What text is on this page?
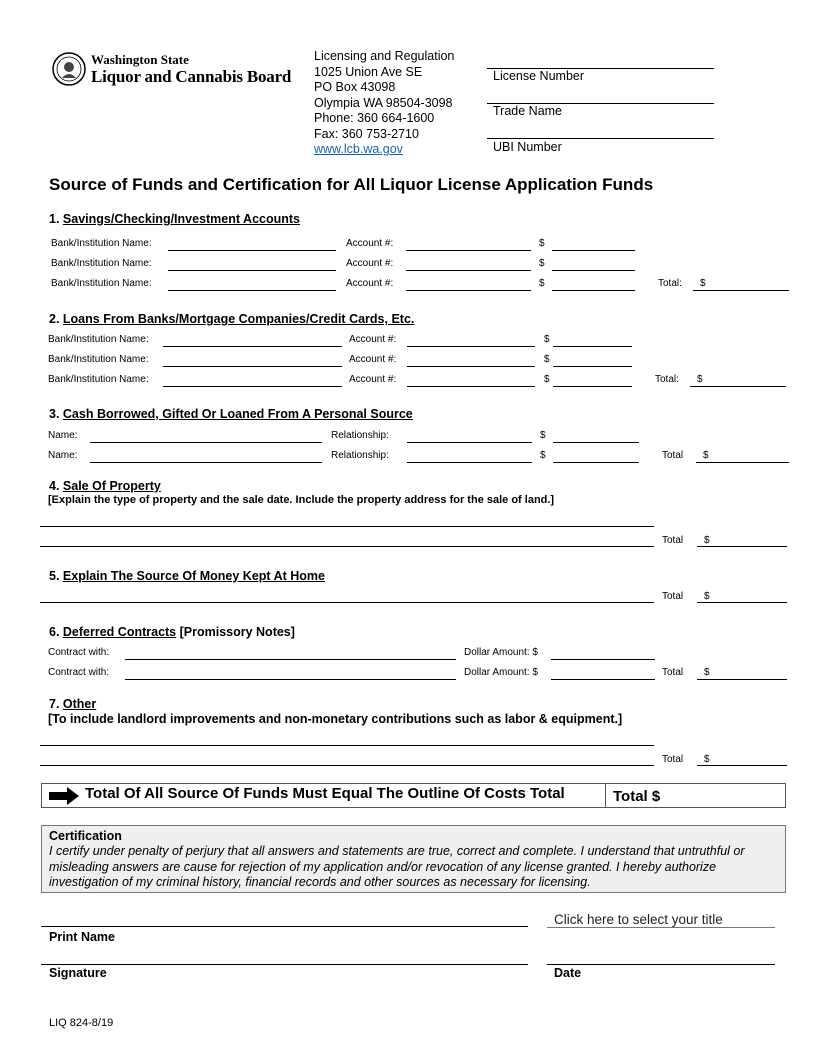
Washington State
Liquor and Cannabis Board
Licensing and Regulation
1025 Union Ave SE
PO Box 43098
Olympia WA 98504-3098
Phone: 360 664-1600
Fax: 360 753-2710
www.lcb.wa.gov
License Number
Trade Name
UBI Number
Source of Funds and Certification for All Liquor License Application Funds
1. Savings/Checking/Investment Accounts
Bank/Institution Name:	Account #:	$
Bank/Institution Name:	Account #:	$
Bank/Institution Name:	Account #:	$	Total: $
2. Loans From Banks/Mortgage Companies/Credit Cards, Etc.
Bank/Institution Name:	Account #:	$
Bank/Institution Name:	Account #:	$
Bank/Institution Name:	Account #:	$	Total: $
3. Cash Borrowed, Gifted Or Loaned From A Personal Source
Name:	Relationship:	$
Name:	Relationship:	$	Total $
4. Sale Of Property
[Explain the type of property and the sale date. Include the property address for the sale of land.]
Total $
5. Explain The Source Of Money Kept At Home
Total $
6. Deferred Contracts [Promissory Notes]
Contract with:	Dollar Amount: $
Contract with:	Dollar Amount: $	Total $
7. Other
[To include landlord improvements and non-monetary contributions such as labor & equipment.]
Total $
Total Of All Source Of Funds Must Equal The Outline Of Costs Total	Total $
Certification

I certify under penalty of perjury that all answers and statements are true, correct and complete. I understand that untruthful or misleading answers are cause for rejection of my application and/or revocation of any license granted. I hereby authorize investigation of my criminal history, financial records and other sources as necessary for licensing.

Print Name
Click here to select your title
Signature	Date
LIQ 824-8/19
